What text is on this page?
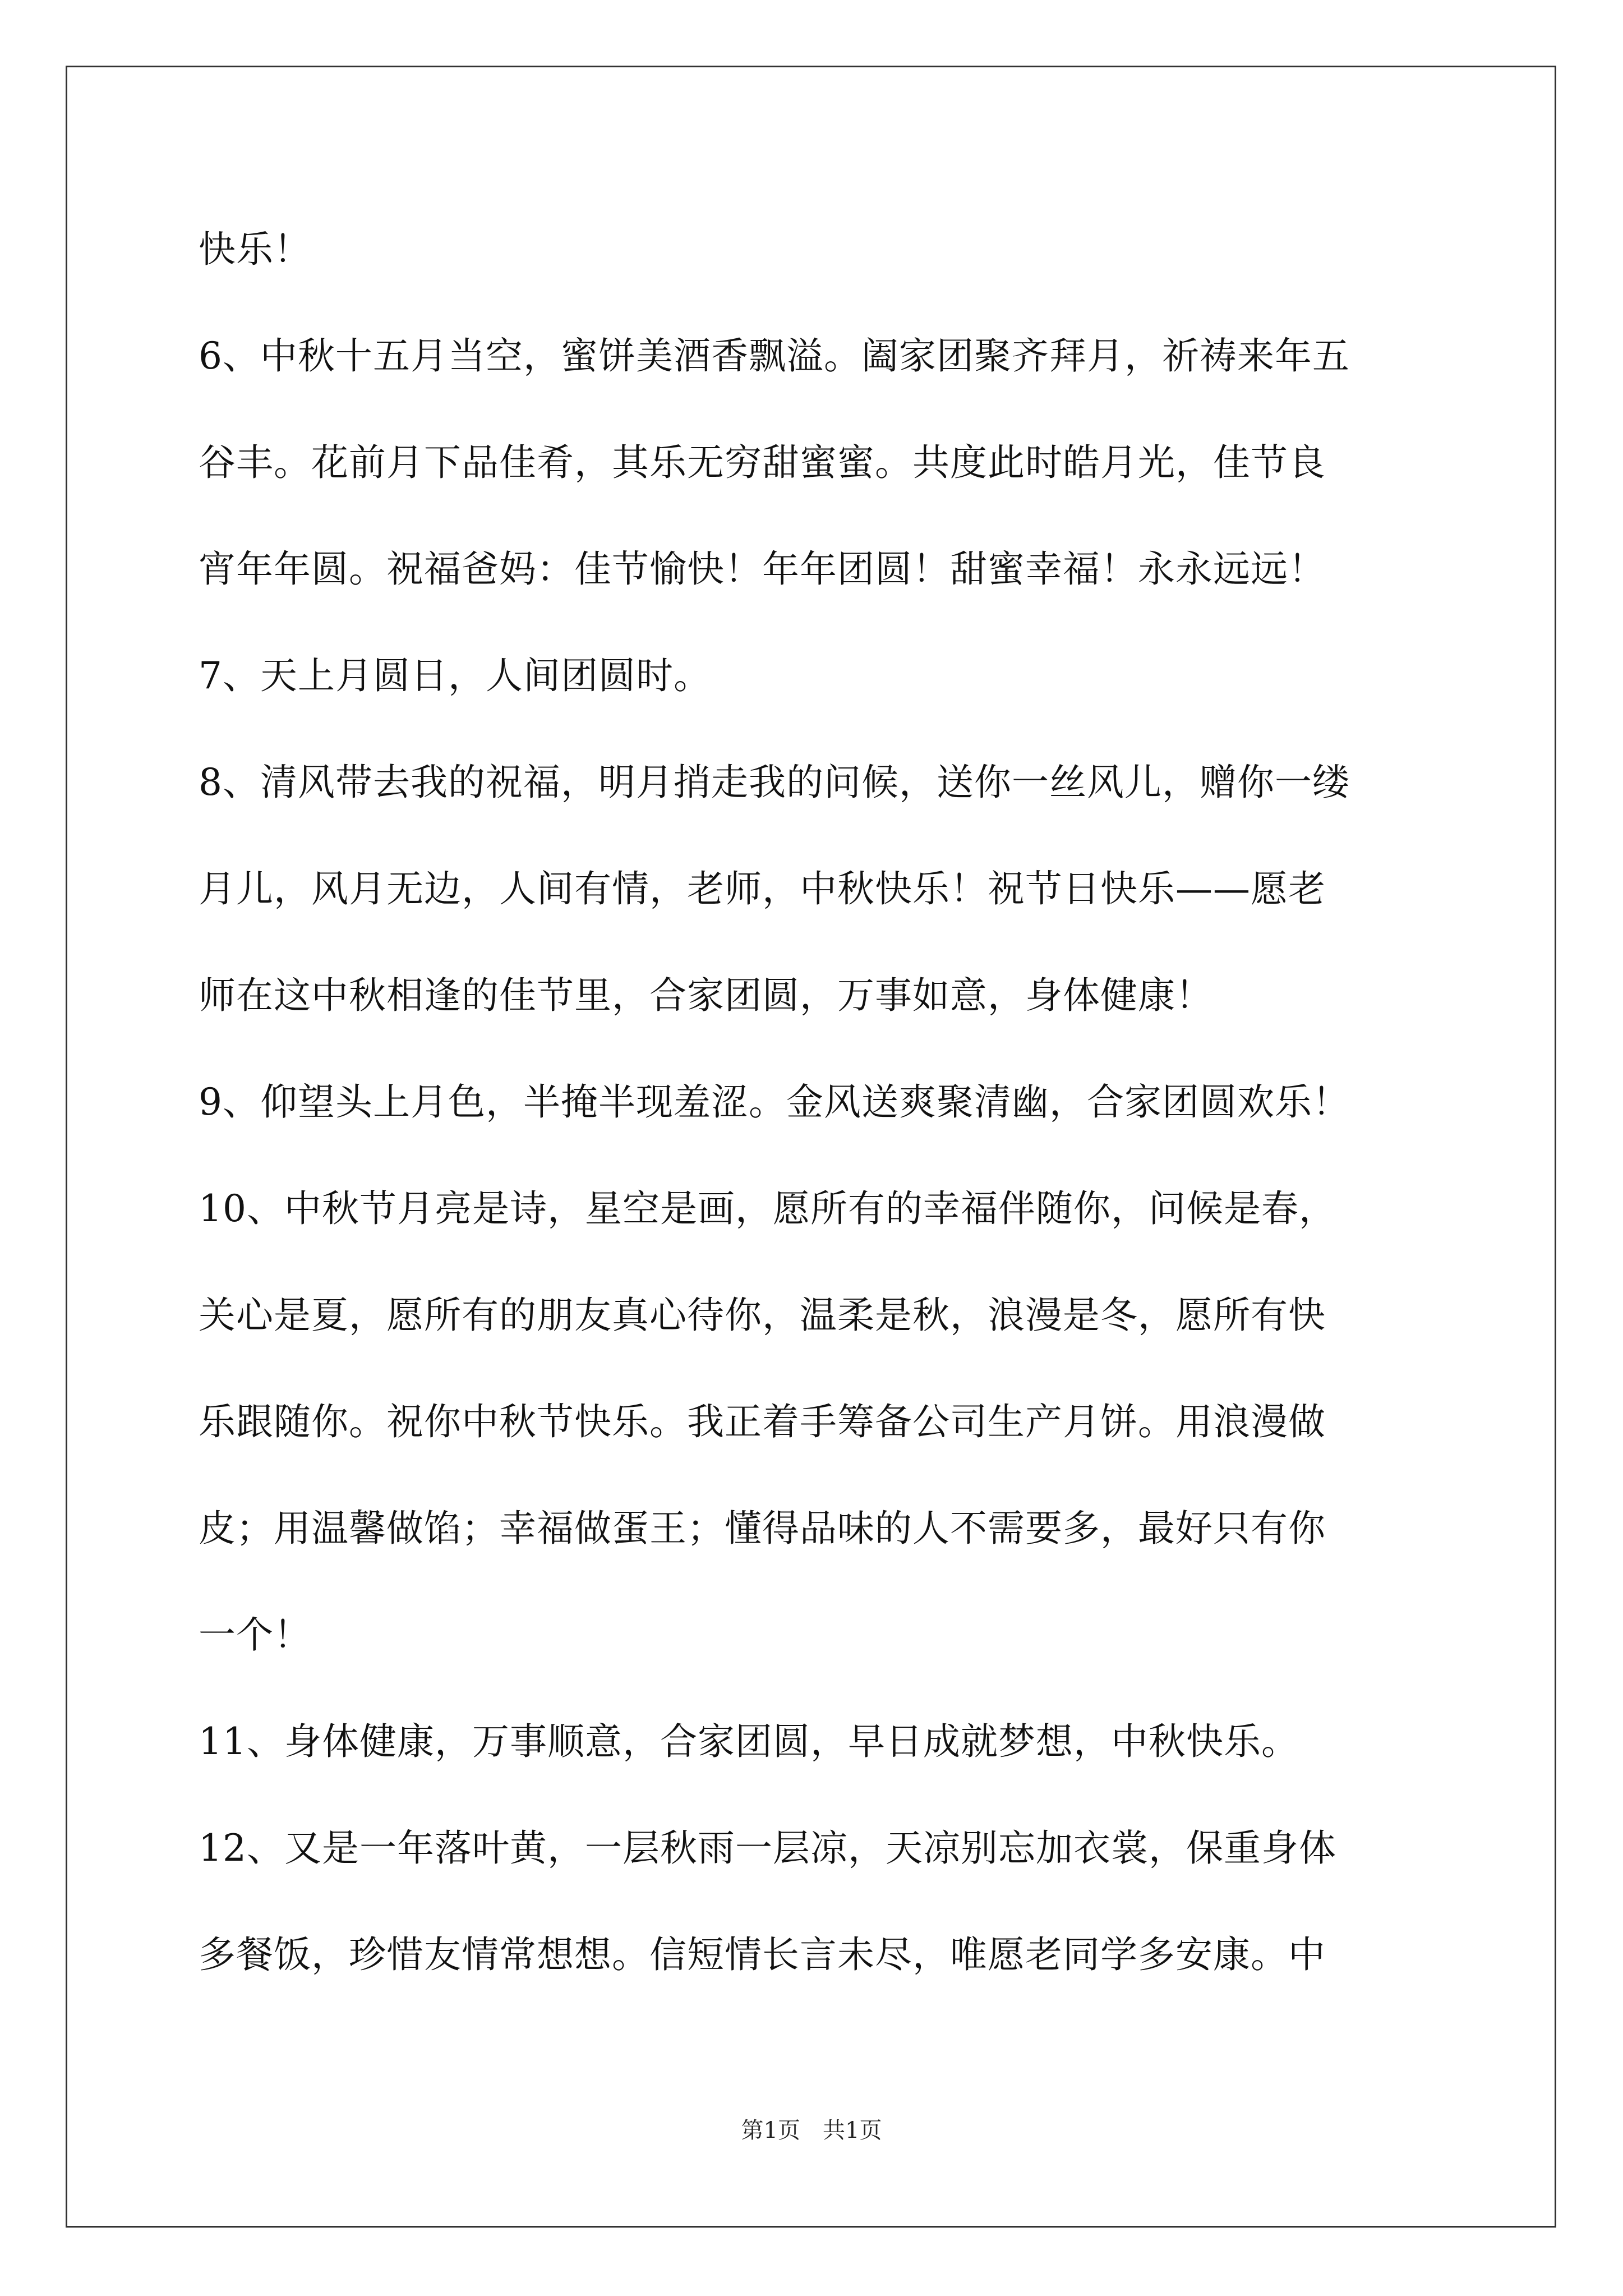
快乐！
6、中秋十五月当空，蜜饼美酒香飘溢。阖家团聚齐拜月，祈祷来年五
谷丰。花前月下品佳肴，其乐无穷甜蜜蜜。共度此时皓月光，佳节良
宵年年圆。祝福爸妈：佳节愉快！年年团圆！甜蜜幸福！永永远远！
7、天上月圆日，人间团圆时。
8、清风带去我的祝福，明月捎走我的问候，送你一丝风儿，赠你一缕
月儿，风月无边，人间有情，老师，中秋快乐！祝节日快乐——愿老
师在这中秋相逢的佳节里，合家团圆，万事如意，身体健康！
9、仰望头上月色，半掩半现羞涩。金风送爽聚清幽，合家团圆欢乐！
10、中秋节月亮是诗，星空是画，愿所有的幸福伴随你，问候是春，
关心是夏，愿所有的朋友真心待你，温柔是秋，浪漫是冬，愿所有快
乐跟随你。祝你中秋节快乐。我正着手筹备公司生产月饼。用浪漫做
皮；用温馨做馅；幸福做蛋王；懂得品味的人不需要多，最好只有你
一个！
11、身体健康，万事顺意，合家团圆，早日成就梦想，中秋快乐。
12、又是一年落叶黄，一层秋雨一层凉，天凉别忘加衣裳，保重身体
多餐饭，珍惜友情常想想。信短情长言未尽，唯愿老同学多安康。中
第1页　共1页
